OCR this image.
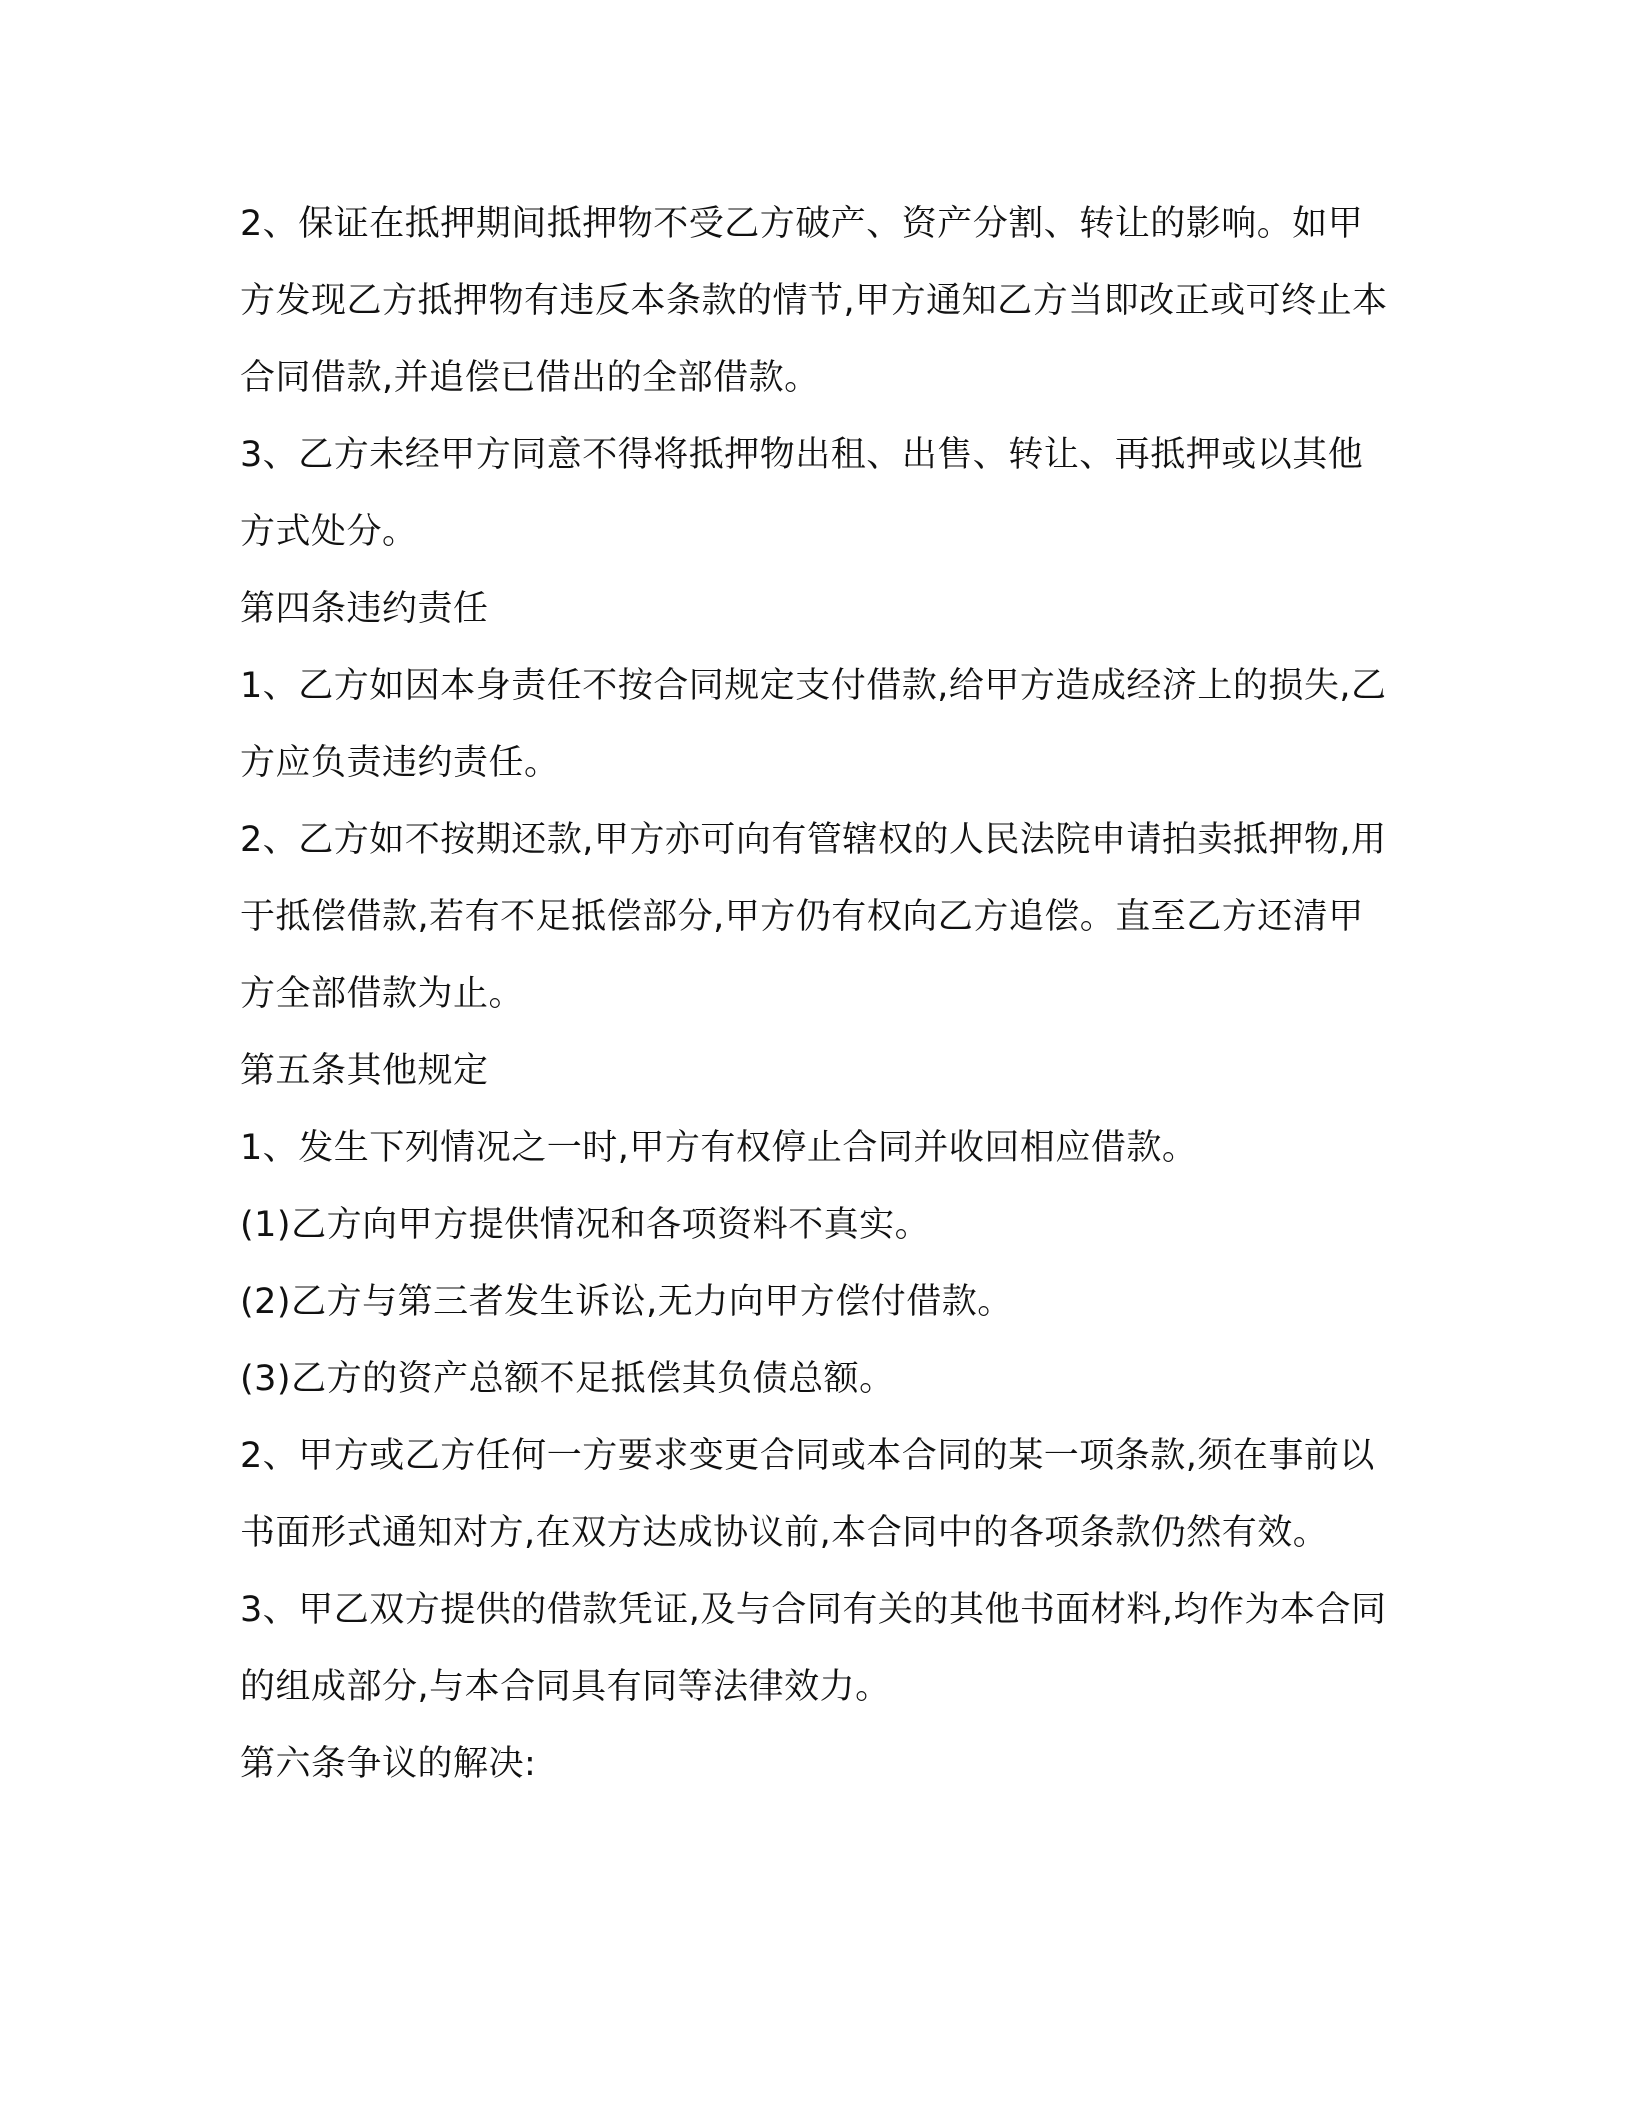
2、保证在抵押期间抵押物不受乙方破产、资产分割、转让的影响。如甲方发现乙方抵押物有违反本条款的情节,甲方通知乙方当即改正或可终止本合同借款,并追偿已借出的全部借款。

3、乙方未经甲方同意不得将抵押物出租、出售、转让、再抵押或以其他方式处分。

第四条违约责任

1、乙方如因本身责任不按合同规定支付借款,给甲方造成经济上的损失,乙方应负责违约责任。

2、乙方如不按期还款,甲方亦可向有管辖权的人民法院申请拍卖抵押物,用于抵偿借款,若有不足抵偿部分,甲方仍有权向乙方追偿。直至乙方还清甲方全部借款为止。

第五条其他规定

1、发生下列情况之一时,甲方有权停止合同并收回相应借款。

(1)乙方向甲方提供情况和各项资料不真实。

(2)乙方与第三者发生诉讼,无力向甲方偿付借款。

(3)乙方的资产总额不足抵偿其负债总额。

2、甲方或乙方任何一方要求变更合同或本合同的某一项条款,须在事前以书面形式通知对方,在双方达成协议前,本合同中的各项条款仍然有效。

3、甲乙双方提供的借款凭证,及与合同有关的其他书面材料,均作为本合同的组成部分,与本合同具有同等法律效力。

第六条争议的解决:
